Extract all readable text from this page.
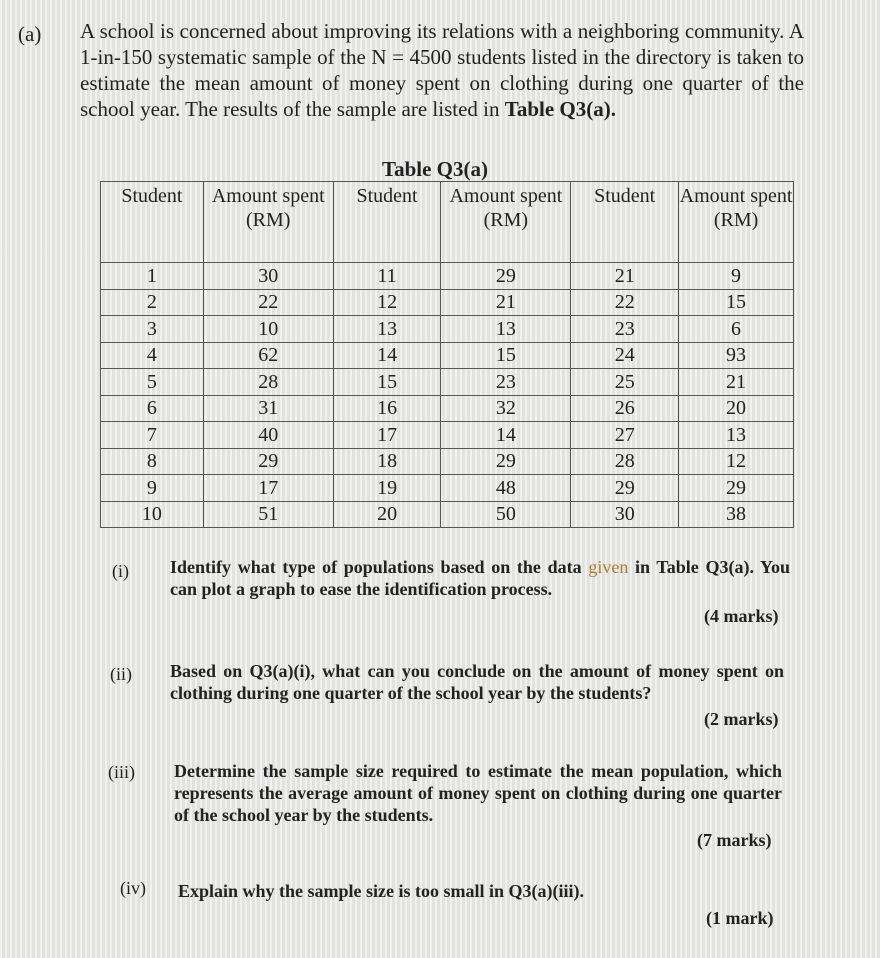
(a) A school is concerned about improving its relations with a neighboring community. A 1-in-150 systematic sample of the N = 4500 students listed in the directory is taken to estimate the mean amount of money spent on clothing during one quarter of the school year. The results of the sample are listed in Table Q3(a).
Table Q3(a)
Student	Amount spent (RM)	Student	Amount spent (RM)	Student	Amount spent (RM)
1	30	11	29	21	9
2	22	12	21	22	15
3	10	13	13	23	6
4	62	14	15	24	93
5	28	15	23	25	21
6	31	16	32	26	20
7	40	17	14	27	13
8	29	18	29	28	12
9	17	19	48	29	29
10	51	20	50	30	38
(i) Identify what type of populations based on the data given in Table Q3(a). You can plot a graph to ease the identification process.
(4 marks)
(ii) Based on Q3(a)(i), what can you conclude on the amount of money spent on clothing during one quarter of the school year by the students?
(2 marks)
(iii) Determine the sample size required to estimate the mean population, which represents the average amount of money spent on clothing during one quarter of the school year by the students.
(7 marks)
(iv) Explain why the sample size is too small in Q3(a)(iii).
(1 mark)
